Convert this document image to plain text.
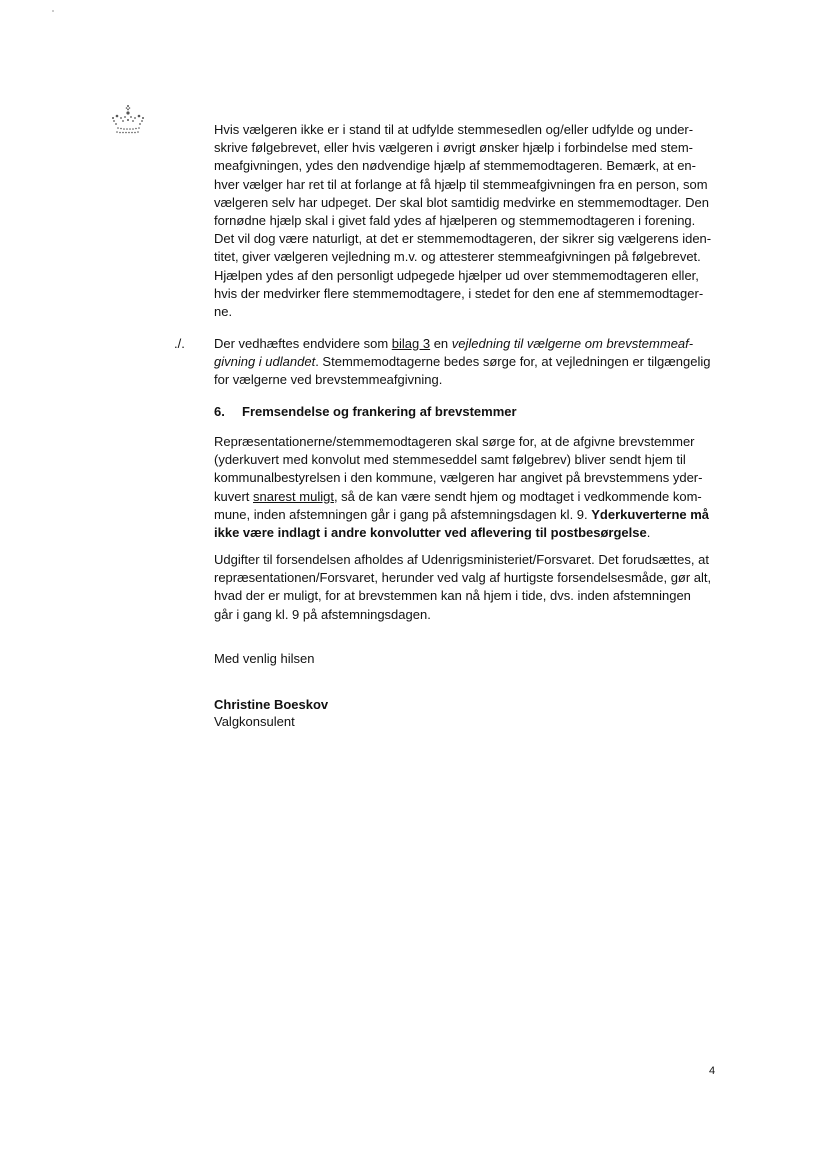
Hvis vælgeren ikke er i stand til at udfylde stemmesedlen og/eller udfylde og under-
skrive følgebrevet, eller hvis vælgeren i øvrigt ønsker hjælp i forbindelse med stem-
meafgivningen, ydes den nødvendige hjælp af stemmemodtageren. Bemærk, at en-
hver vælger har ret til at forlange at få hjælp til stemmeafgivningen fra en person, som
vælgeren selv har udpeget. Der skal blot samtidig medvirke en stemmemodtager. Den
fornødne hjælp skal i givet fald ydes af hjælperen og stemmemodtageren i forening.
Det vil dog være naturligt, at det er stemmemodtageren, der sikrer sig vælgerens iden-
titet, giver vælgeren vejledning m.v. og attesterer stemmeafgivningen på følgebrevet.
Hjælpen ydes af den personligt udpegede hjælper ud over stemmemodtageren eller,
hvis der medvirker flere stemmemodtagere, i stedet for den ene af stemmemodtager-
ne.
./. Der vedhæftes endvidere som bilag 3 en vejledning til vælgerne om brevstemmeaf-
givning i udlandet. Stemmemodtagerne bedes sørge for, at vejledningen er tilgængelig
for vælgerne ved brevstemmeafgivning.
6. Fremsendelse og frankering af brevstemmer
Repræsentationerne/stemmemodtageren skal sørge for, at de afgivne brevstemmer
(yderkuvert med konvolut med stemmeseddel samt følgebrev) bliver sendt hjem til
kommunalbestyrelsen i den kommune, vælgeren har angivet på brevstemmens yder-
kuvert snarest muligt, så de kan være sendt hjem og modtaget i vedkommende kom-
mune, inden afstemningen går i gang på afstemningsdagen kl. 9. Yderkuverterne må
ikke være indlagt i andre konvolutter ved aflevering til postbesørgelse.
Udgifter til forsendelsen afholdes af Udenrigsministeriet/Forsvaret. Det forudsættes, at
repræsentationen/Forsvaret, herunder ved valg af hurtigste forsendelsesmåde, gør alt,
hvad der er muligt, for at brevstemmen kan nå hjem i tide, dvs. inden afstemningen
går i gang kl. 9 på afstemningsdagen.
Med venlig hilsen
Christine Boeskov
Valgkonsulent
4
